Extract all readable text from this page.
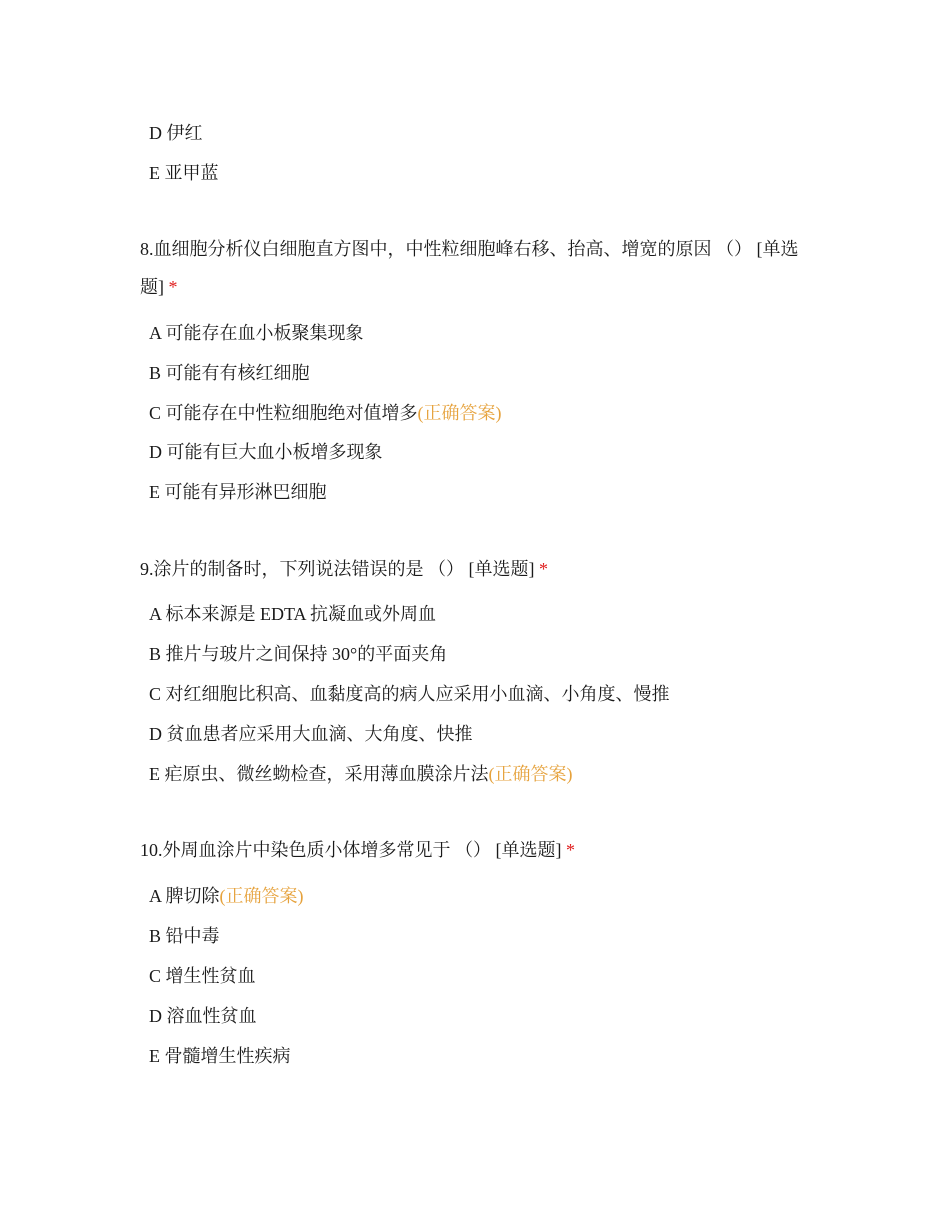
D 伊红
E 亚甲蓝
8.血细胞分析仪白细胞直方图中，中性粒细胞峰右移、抬高、增宽的原因 （） [单选题] *
A 可能存在血小板聚集现象
B 可能有有核红细胞
C 可能存在中性粒细胞绝对值增多(正确答案)
D 可能有巨大血小板增多现象
E 可能有异形淋巴细胞
9.涂片的制备时，下列说法错误的是 （） [单选题] *
A 标本来源是 EDTA 抗凝血或外周血
B 推片与玻片之间保持 30°的平面夹角
C 对红细胞比积高、血黏度高的病人应采用小血滴、小角度、慢推
D 贫血患者应采用大血滴、大角度、快推
E 疟原虫、微丝蚴检查，采用薄血膜涂片法(正确答案)
10.外周血涂片中染色质小体增多常见于 （） [单选题] *
A 脾切除(正确答案)
B 铅中毒
C 增生性贫血
D 溶血性贫血
E 骨髓增生性疾病
